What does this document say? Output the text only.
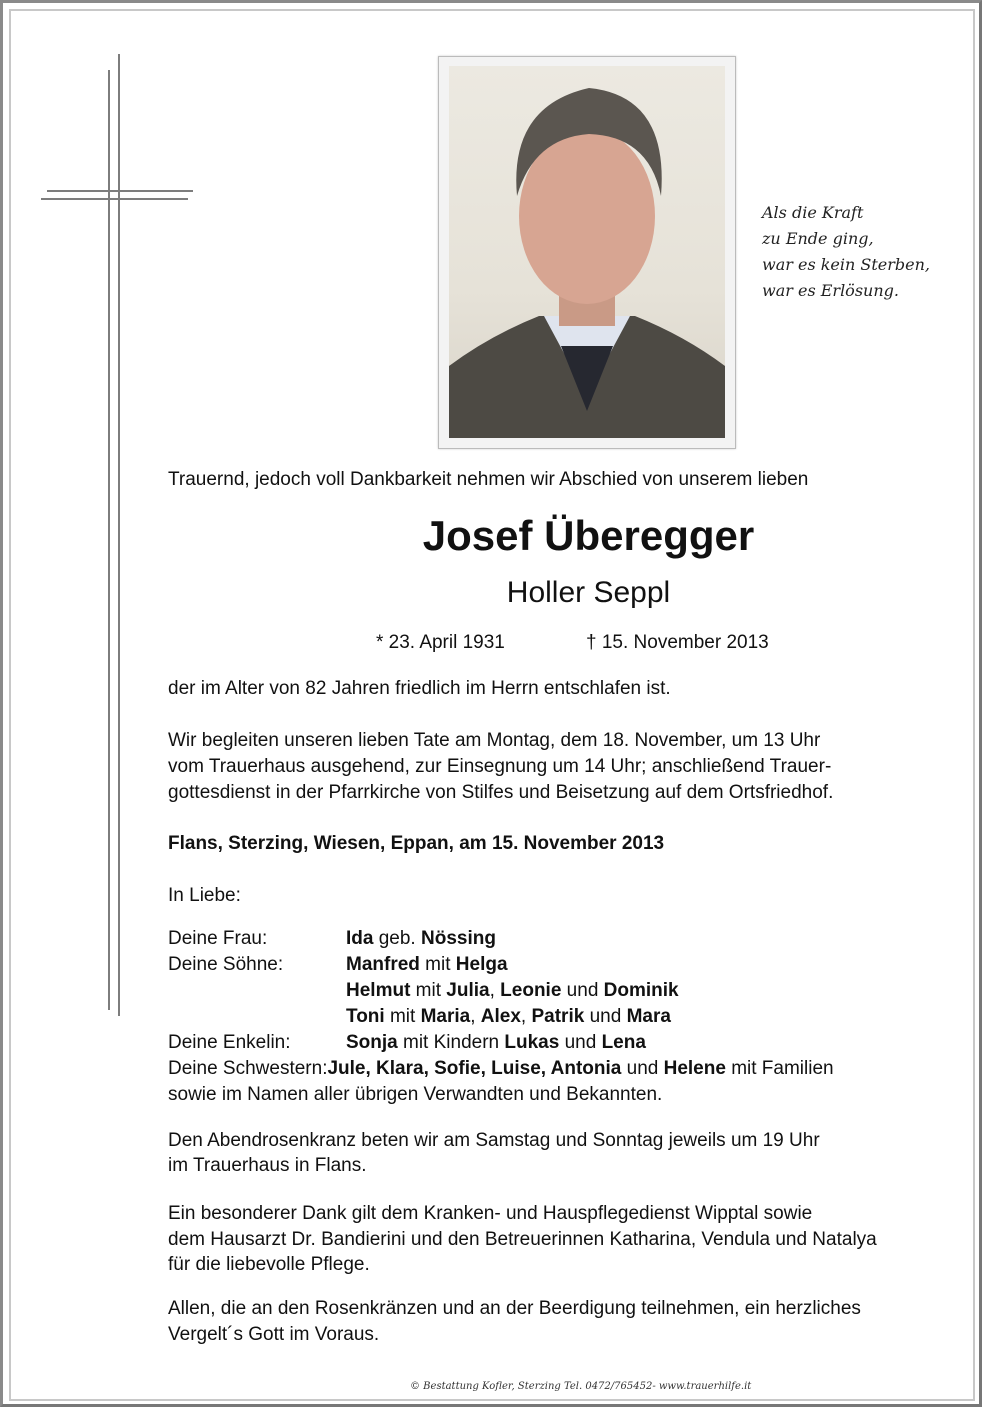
Als die Kraft
zu Ende ging,
war es kein Sterben,
war es Erlösung.
Trauernd, jedoch voll Dankbarkeit nehmen wir Abschied von unserem lieben
Josef Überegger
Holler Seppl
* 23. April 1931	† 15. November 2013
der im Alter von 82 Jahren friedlich im Herrn entschlafen ist.
Wir begleiten unseren lieben Tate am Montag, dem 18. November, um 13 Uhr
vom Trauerhaus ausgehend, zur Einsegnung um 14 Uhr; anschließend Trauer-
gottesdienst in der Pfarrkirche von Stilfes und Beisetzung auf dem Ortsfriedhof.
Flans, Sterzing, Wiesen, Eppan, am 15. November 2013
In Liebe:
Deine Frau:	Ida geb. Nössing
Deine Söhne:	Manfred mit Helga
Helmut mit Julia, Leonie und Dominik
Toni mit Maria, Alex, Patrik und Mara
Deine Enkelin:	Sonja mit Kindern Lukas und Lena
Deine Schwestern:Jule, Klara, Sofie, Luise, Antonia und Helene mit Familien
sowie im Namen aller übrigen Verwandten und Bekannten.
Den Abendrosenkranz beten wir am Samstag und Sonntag jeweils um 19 Uhr
im Trauerhaus in Flans.
Ein besonderer Dank gilt dem Kranken- und Hauspflegedienst Wipptal sowie
dem Hausarzt Dr. Bandierini und den Betreuerinnen Katharina, Vendula und Natalya
für die liebevolle Pflege.
Allen, die an den Rosenkränzen und an der Beerdigung teilnehmen, ein herzliches
Vergelt´s Gott im Voraus.
© Bestattung Kofler, Sterzing Tel. 0472/765452- www.trauerhilfe.it
